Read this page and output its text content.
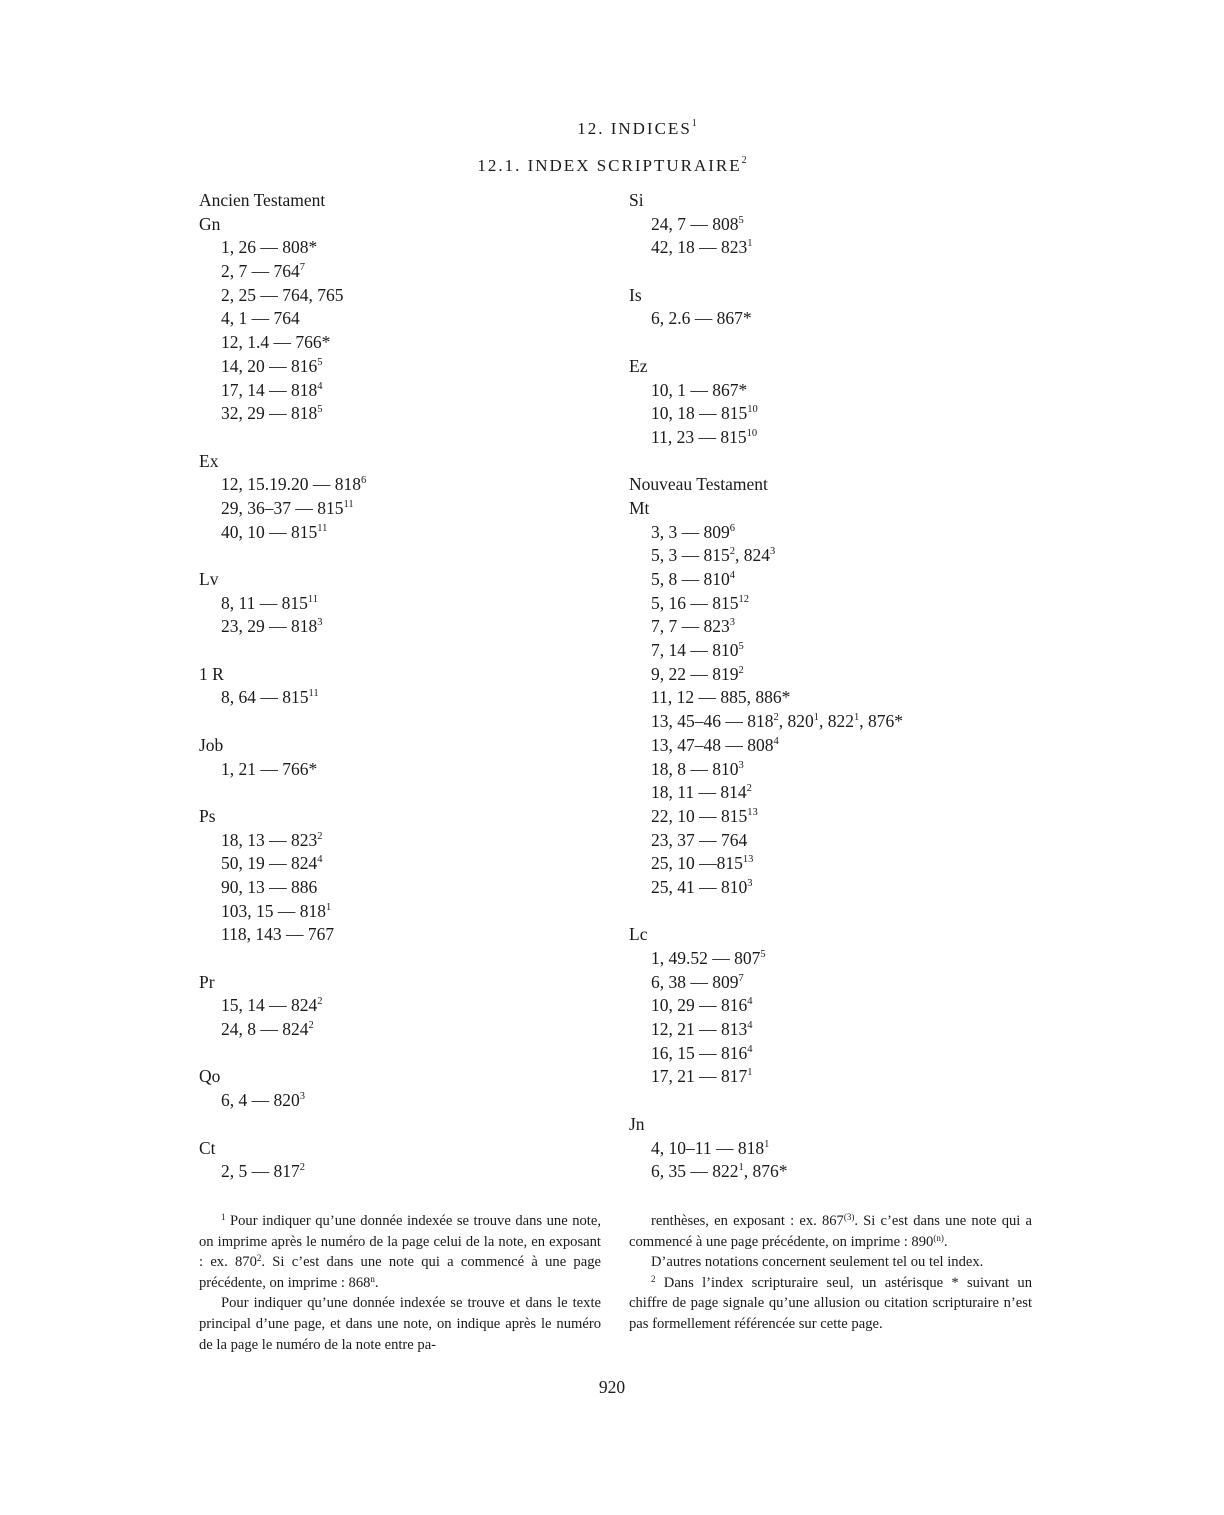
12. INDICES$^1$
12.1. INDEX SCRIPTURAIRE$^2$
Ancien Testament
Gn
1, 26 — 808*
2, 7 — $764^7$
2, 25 — 764, 765
4, 1 — 764
12, 1.4 — 766*
14, 20 — $816^5$
17, 14 — $818^4$
32, 29 — $818^5$
Ex
12, 15.19.20 — $818^6$
29, 36–37 — $815^{11}$
40, 10 — $815^{11}$
Lv
8, 11 — $815^{11}$
23, 29 — $818^3$
1 R
8, 64 — $815^{11}$
Job
1, 21 — 766*
Ps
18, 13 — $823^2$
50, 19 — $824^4$
90, 13 — 886
103, 15 — $818^1$
118, 143 — 767
Pr
15, 14 — $824^2$
24, 8 — $824^2$
Qo
6, 4 — $820^3$
Ct
2, 5 — $817^2$
Si
24, 7 — $808^5$
42, 18 — $823^1$
Is
6, 2.6 — 867*
Ez
10, 1 — 867*
10, 18 — $815^{10}$
11, 23 — $815^{10}$
Nouveau Testament
Mt
3, 3 — $809^6$
5, 3 — $815^2$, $824^3$
5, 8 — $810^4$
5, 16 — $815^{12}$
7, 7 — $823^3$
7, 14 — $810^5$
9, 22 — $819^2$
11, 12 — 885, 886*
13, 45–46 — $818^2$, $820^1$, $822^1$, 876*
13, 47–48 — $808^4$
18, 8 — $810^3$
18, 11 — $814^2$
22, 10 — $815^{13}$
23, 37 — 764
25, 10 $—815^{13}$
25, 41 — $810^3$
Lc
1, 49.52 — $807^5$
6, 38 — $809^7$
10, 29 — $816^4$
12, 21 — $813^4$
16, 15 — $816^4$
17, 21 — $817^1$
Jn
4, 10–11 — $818^1$
6, 35 — $822^1$, 876*

$^1$ Pour indiquer qu’une donnée indexée se trouve dans une note, on imprime après le numéro de la page celui de la note, en exposant : ex. $870^2$. Si c’est dans une note qui a commencé à une page précédente, on imprime : 868$^n$.

Pour indiquer qu’une donnée indexée se trouve et dans le texte principal d’une page, et dans une note, on indique après le numéro de la page le numéro de la note entre pa-

renthèses, en exposant : ex. 867$^{(3)}$. Si c’est dans une note qui a commencé à une page précédente, on imprime : 890$^{(n)}$.

D’autres notations concernent seulement tel ou tel index.

$^2$ Dans l’index scripturaire seul, un astérisque * suivant un chiffre de page signale qu’une allusion ou citation scripturaire n’est pas formellement référencée sur cette page.

920
